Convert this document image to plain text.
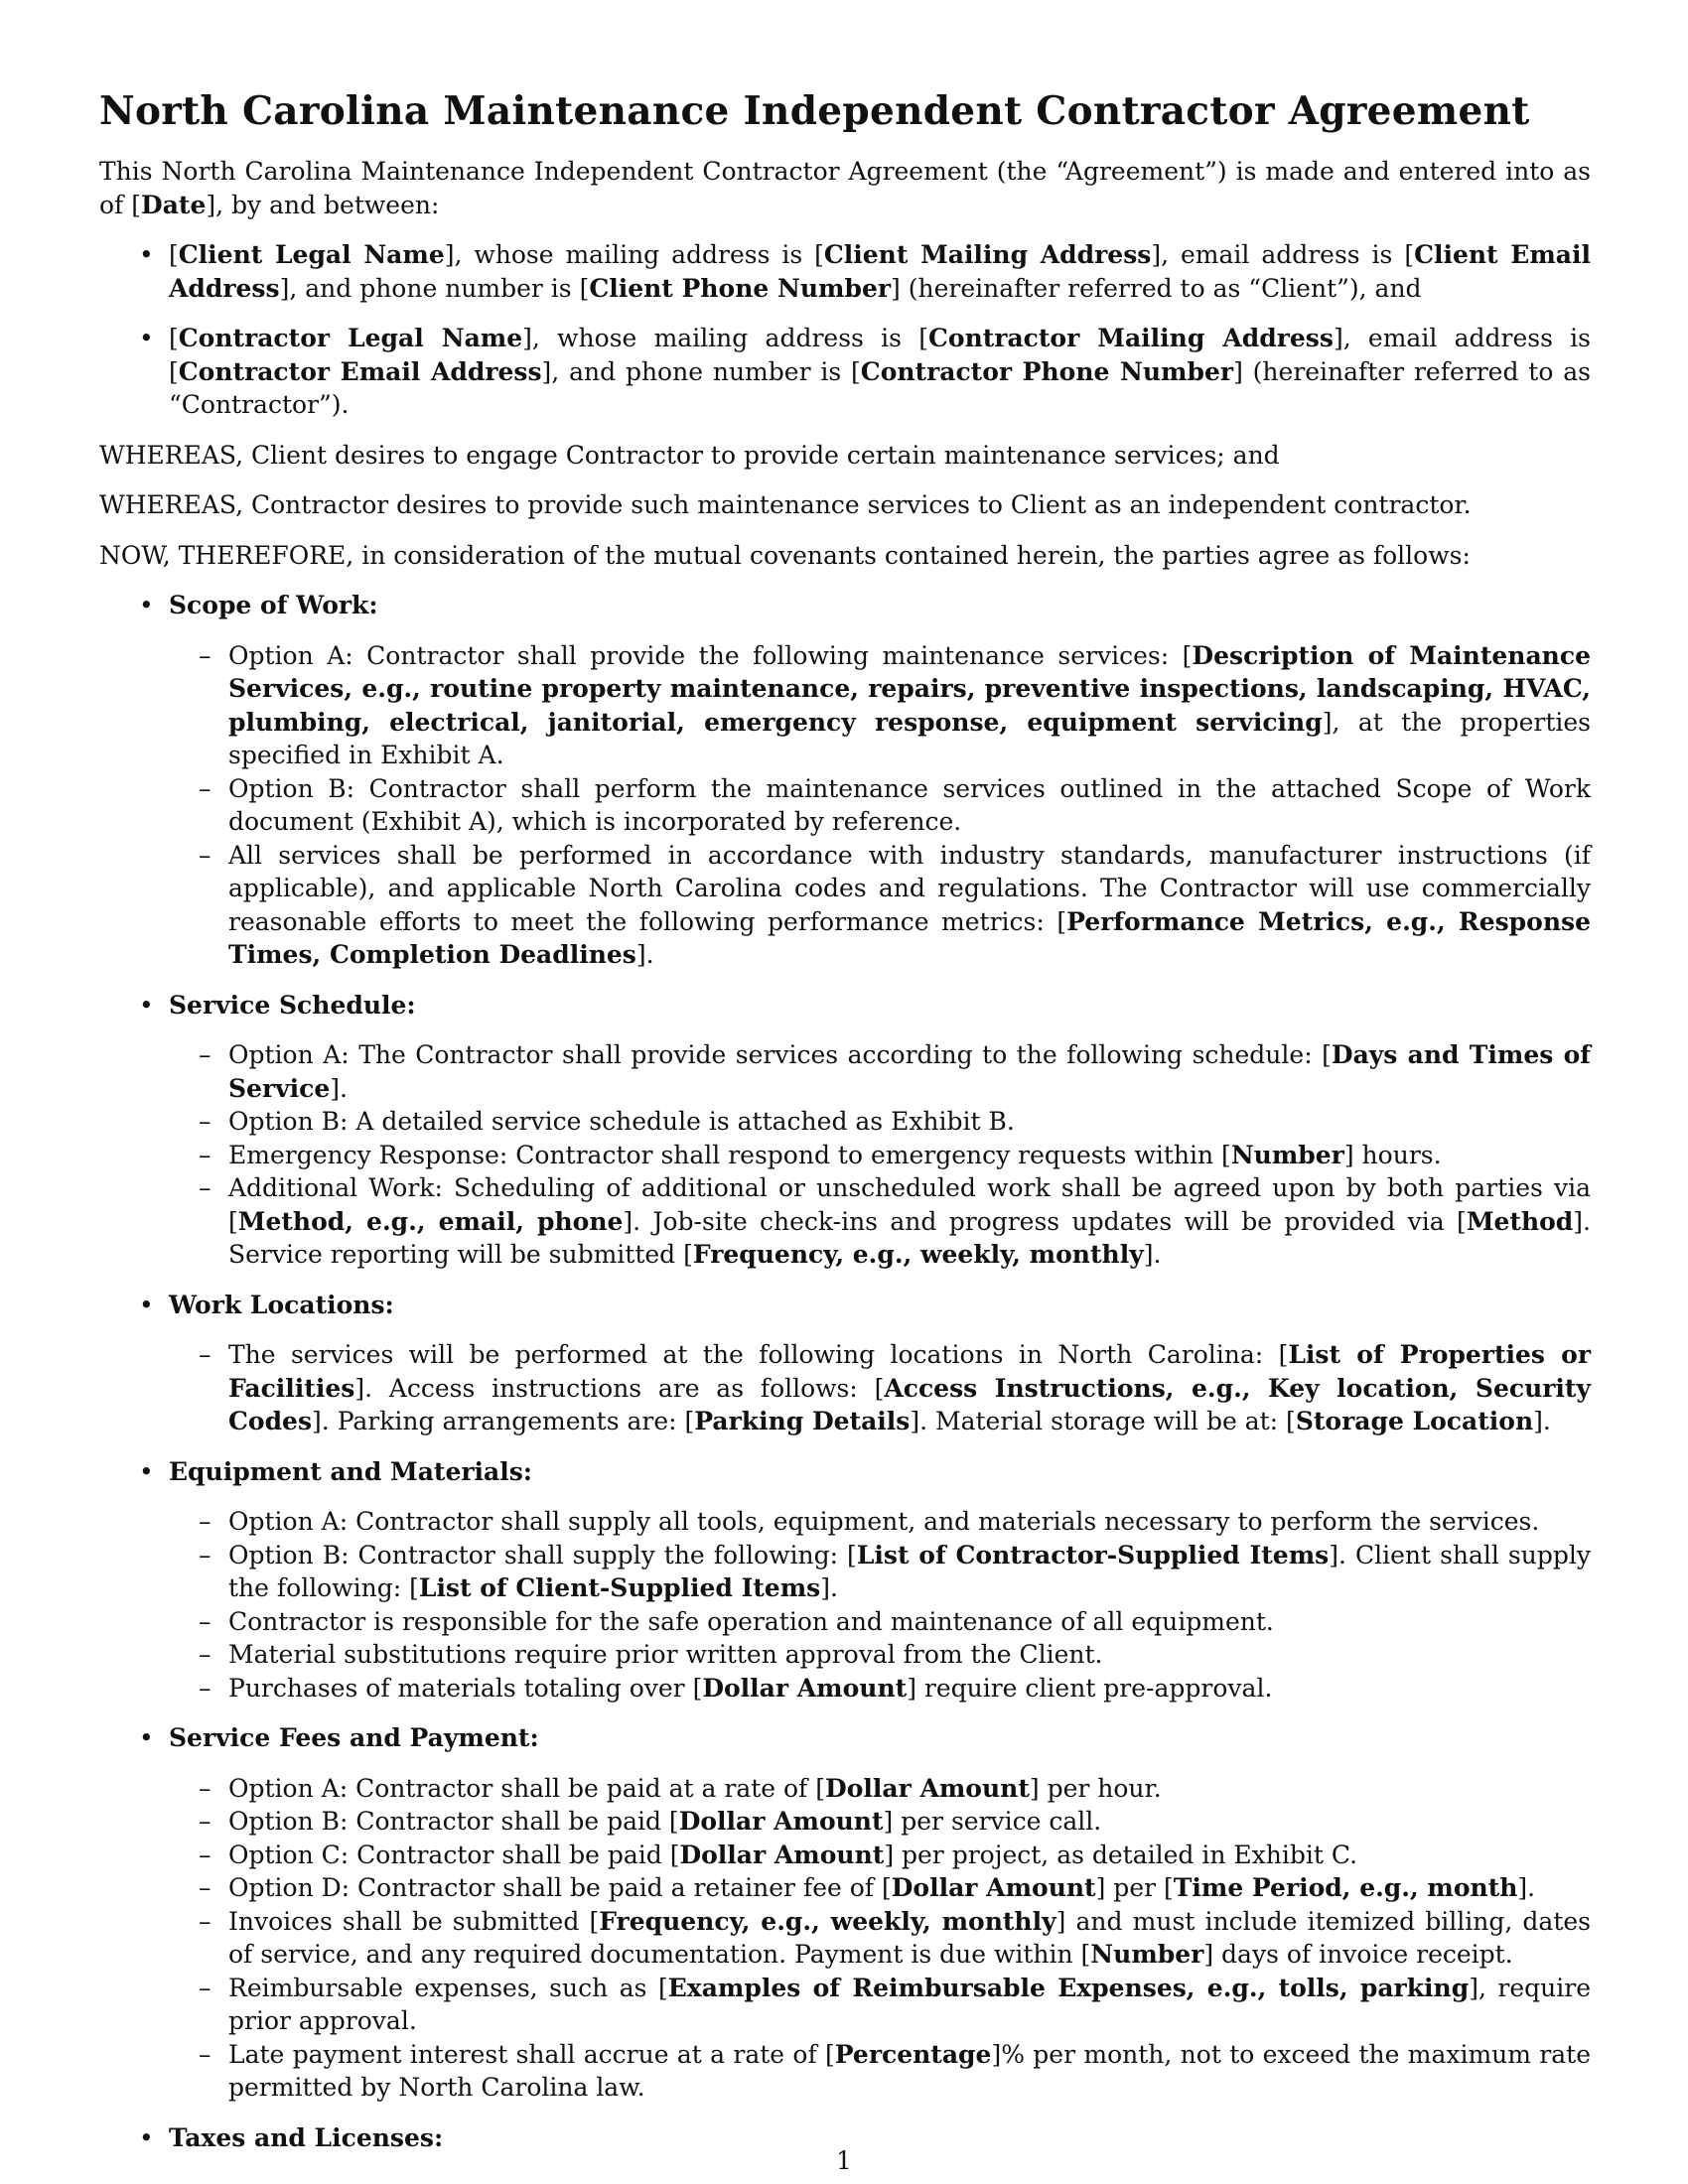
North Carolina Maintenance Independent Contractor Agreement

This North Carolina Maintenance Independent Contractor Agreement (the “Agreement”) is made and entered into as of [Date], by and between:

• [Client Legal Name], whose mailing address is [Client Mailing Address], email address is [Client Email Address], and phone number is [Client Phone Number] (hereinafter referred to as “Client”), and
• [Contractor Legal Name], whose mailing address is [Contractor Mailing Address], email address is [Contractor Email Address], and phone number is [Contractor Phone Number] (hereinafter referred to as “Contractor”).

WHEREAS, Client desires to engage Contractor to provide certain maintenance services; and

WHEREAS, Contractor desires to provide such maintenance services to Client as an independent contractor.

NOW, THEREFORE, in consideration of the mutual covenants contained herein, the parties agree as follows:

• Scope of Work:
– Option A: Contractor shall provide the following maintenance services: [Description of Maintenance Services, e.g., routine property maintenance, repairs, preventive inspections, landscaping, HVAC, plumbing, electrical, janitorial, emergency response, equipment servicing], at the properties specified in Exhibit A.
– Option B: Contractor shall perform the maintenance services outlined in the attached Scope of Work document (Exhibit A), which is incorporated by reference.
– All services shall be performed in accordance with industry standards, manufacturer instructions (if applicable), and applicable North Carolina codes and regulations. The Contractor will use commercially reasonable efforts to meet the following performance metrics: [Performance Metrics, e.g., Response Times, Completion Deadlines].
• Service Schedule:
– Option A: The Contractor shall provide services according to the following schedule: [Days and Times of Service].
– Option B: A detailed service schedule is attached as Exhibit B.
– Emergency Response: Contractor shall respond to emergency requests within [Number] hours.
– Additional Work: Scheduling of additional or unscheduled work shall be agreed upon by both parties via [Method, e.g., email, phone]. Job-site check-ins and progress updates will be provided via [Method]. Service reporting will be submitted [Frequency, e.g., weekly, monthly].
• Work Locations:
– The services will be performed at the following locations in North Carolina: [List of Properties or Facilities]. Access instructions are as follows: [Access Instructions, e.g., Key location, Security Codes]. Parking arrangements are: [Parking Details]. Material storage will be at: [Storage Location].
• Equipment and Materials:
– Option A: Contractor shall supply all tools, equipment, and materials necessary to perform the services.
– Option B: Contractor shall supply the following: [List of Contractor-Supplied Items]. Client shall supply the following: [List of Client-Supplied Items].
– Contractor is responsible for the safe operation and maintenance of all equipment.
– Material substitutions require prior written approval from the Client.
– Purchases of materials totaling over [Dollar Amount] require client pre-approval.
• Service Fees and Payment:
– Option A: Contractor shall be paid at a rate of [Dollar Amount] per hour.
– Option B: Contractor shall be paid [Dollar Amount] per service call.
– Option C: Contractor shall be paid [Dollar Amount] per project, as detailed in Exhibit C.
– Option D: Contractor shall be paid a retainer fee of [Dollar Amount] per [Time Period, e.g., month].
– Invoices shall be submitted [Frequency, e.g., weekly, monthly] and must include itemized billing, dates of service, and any required documentation. Payment is due within [Number] days of invoice receipt.
– Reimbursable expenses, such as [Examples of Reimbursable Expenses, e.g., tolls, parking], require prior approval.
– Late payment interest shall accrue at a rate of [Percentage]% per month, not to exceed the maximum rate permitted by North Carolina law.
• Taxes and Licenses:
1
